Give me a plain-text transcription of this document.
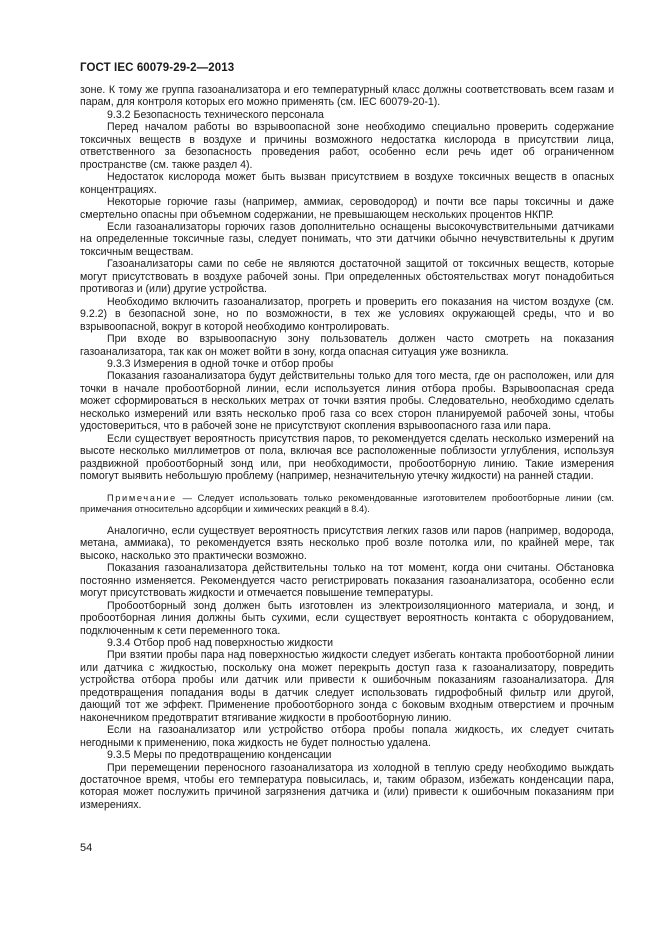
ГОСТ IEC 60079-29-2—2013

зоне. К тому же группа газоанализатора и его температурный класс должны соответствовать всем газам и парам, для контроля которых его можно применять (см. IEC 60079-20-1).

9.3.2 Безопасность технического персонала

Перед началом работы во взрывоопасной зоне необходимо специально проверить содержание токсичных веществ в воздухе и причины возможного недостатка кислорода в присутствии лица, ответственного за безопасность проведения работ, особенно если речь идет об ограниченном пространстве (см. также раздел 4).

Недостаток кислорода может быть вызван присутствием в воздухе токсичных веществ в опасных концентрациях.

Некоторые горючие газы (например, аммиак, сероводород) и почти все пары токсичны и даже смертельно опасны при объемном содержании, не превышающем нескольких процентов НКПР.

Если газоанализаторы горючих газов дополнительно оснащены высокочувствительными датчиками на определенные токсичные газы, следует понимать, что эти датчики обычно нечувствительны к другим токсичным веществам.

Газоанализаторы сами по себе не являются достаточной защитой от токсичных веществ, которые могут присутствовать в воздухе рабочей зоны. При определенных обстоятельствах могут понадобиться противогаз и (или) другие устройства.

Необходимо включить газоанализатор, прогреть и проверить его показания на чистом воздухе (см. 9.2.2) в безопасной зоне, но по возможности, в тех же условиях окружающей среды, что и во взрывоопасной, вокруг в которой необходимо контролировать.

При входе во взрывоопасную зону пользователь должен часто смотреть на показания газоанализатора, так как он может войти в зону, когда опасная ситуация уже возникла.

9.3.3 Измерения в одной точке и отбор пробы

Показания газоанализатора будут действительны только для того места, где он расположен, или для точки в начале пробоотборной линии, если используется линия отбора пробы. Взрывоопасная среда может сформироваться в нескольких метрах от точки взятия пробы. Следовательно, необходимо сделать несколько измерений или взять несколько проб газа со всех сторон планируемой рабочей зоны, чтобы удостовериться, что в рабочей зоне не присутствуют скопления взрывоопасного газа или пара.

Если существует вероятность присутствия паров, то рекомендуется сделать несколько измерений на высоте несколько миллиметров от пола, включая все расположенные поблизости углубления, используя раздвижной пробоотборный зонд или, при необходимости, пробоотборную линию. Такие измерения помогут выявить небольшую проблему (например, незначительную утечку жидкости) на ранней стадии.

Примечание — Следует использовать только рекомендованные изготовителем пробоотборные линии (см. примечания относительно адсорбции и химических реакций в 8.4).

Аналогично, если существует вероятность присутствия легких газов или паров (например, водорода, метана, аммиака), то рекомендуется взять несколько проб возле потолка или, по крайней мере, так высоко, насколько это практически возможно.

Показания газоанализатора действительны только на тот момент, когда они считаны. Обстановка постоянно изменяется. Рекомендуется часто регистрировать показания газоанализатора, особенно если могут присутствовать жидкости и отмечается повышение температуры.

Пробоотборный зонд должен быть изготовлен из электроизоляционного материала, и зонд, и пробоотборная линия должны быть сухими, если существует вероятность контакта с оборудованием, подключенным к сети переменного тока.

9.3.4 Отбор проб над поверхностью жидкости

При взятии пробы пара над поверхностью жидкости следует избегать контакта пробоотборной линии или датчика с жидкостью, поскольку она может перекрыть доступ газа к газоанализатору, повредить устройства отбора пробы или датчик или привести к ошибочным показаниям газоанализатора. Для предотвращения попадания воды в датчик следует использовать гидрофобный фильтр или другой, дающий тот же эффект. Применение пробоотборного зонда с боковым входным отверстием и прочным наконечником предотвратит втягивание жидкости в пробоотборную линию.

Если на газоанализатор или устройство отбора пробы попала жидкость, их следует считать негодными к применению, пока жидкость не будет полностью удалена.

9.3.5 Меры по предотвращению конденсации

При перемещении переносного газоанализатора из холодной в теплую среду необходимо выждать достаточное время, чтобы его температура повысилась, и, таким образом, избежать конденсации пара, которая может послужить причиной загрязнения датчика и (или) привести к ошибочным показаниям при измерениях.

54
